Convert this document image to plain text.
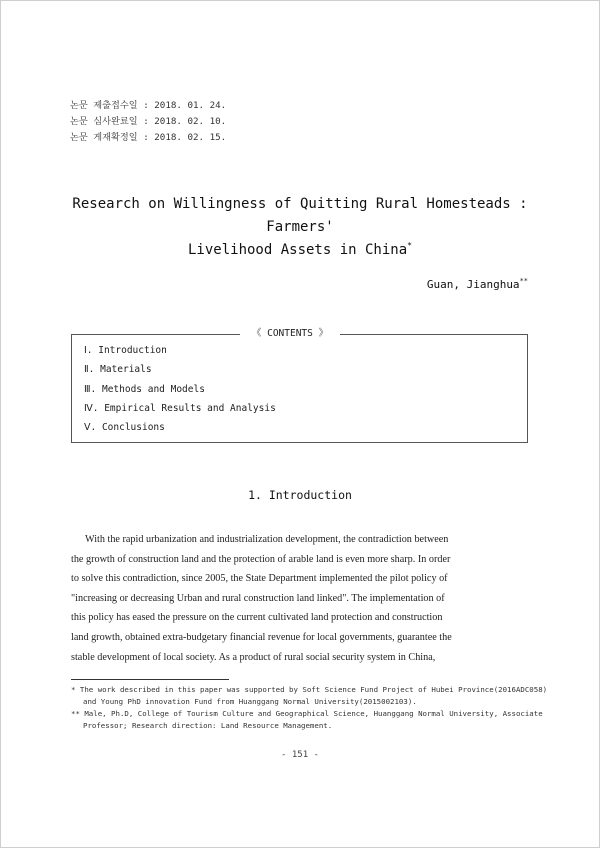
논문 제출접수일 : 2018. 01. 24.
논문 심사완료일 : 2018. 02. 10.
논문 게재확정일 : 2018. 02. 15.
Research on Willingness of Quitting Rural Homesteads : Farmers'
Livelihood Assets in China*
Guan, Jianghua**
《 CONTENTS 》
Ⅰ. Introduction
Ⅱ. Materials
Ⅲ. Methods and Models
Ⅳ. Empirical Results and Analysis
Ⅴ. Conclusions
1. Introduction
With the rapid urbanization and industrialization development, the contradiction between
the growth of construction land and the protection of arable land is even more sharp. In order
to solve this contradiction, since 2005, the State Department implemented the pilot policy of
"increasing or decreasing Urban and rural construction land linked". The implementation of
this policy has eased the pressure on the current cultivated land protection and construction
land growth, obtained extra-budgetary financial revenue for local governments, guarantee the
stable development of local society. As a product of rural social security system in China,
* The work described in this paper was supported by Soft Science Fund Project of Hubei Province(2016ADC058)
and Young PhD innovation Fund from Huanggang Normal University(2015002103).
** Male, Ph.D, College of Tourism Culture and Geographical Science, Huanggang Normal University, Associate
Professor; Research direction: Land Resource Management.
- 151 -
